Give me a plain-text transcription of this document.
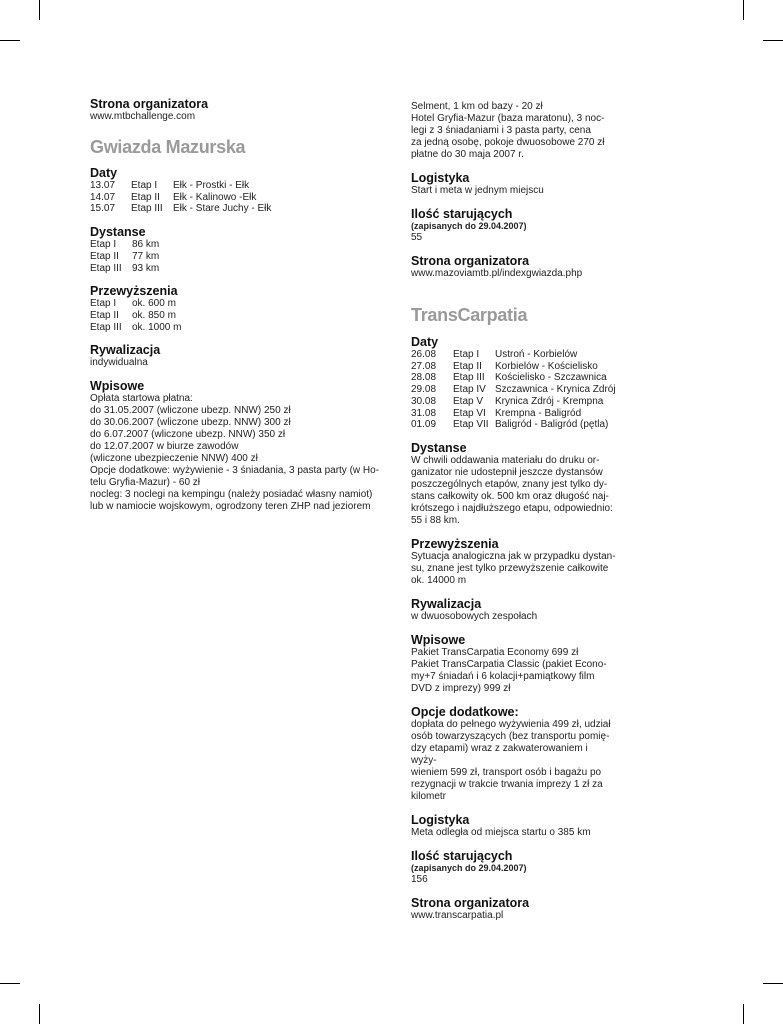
Strona organizatora

www.mtbchallenge.com

Gwiazda Mazurska

Daty

13.07	Etap I	Ełk - Prostki - Ełk
14.07	Etap II	Ełk - Kalinowo -Ełk
15.07	Etap III	Ełk - Stare Juchy - Ełk

Dystanse

Etap I	86 km
Etap II	77 km
Etap III	93 km

Przewyższenia

Etap I	ok. 600 m
Etap II	ok. 850 m
Etap III	ok. 1000 m

Rywalizacja

indywidualna

Wpisowe

Opłata startowa płatna:
do 31.05.2007 (wliczone ubezp. NNW) 250 zł
do 30.06.2007 (wliczone ubezp. NNW) 300 zł
do 6.07.2007 (wliczone ubezp. NNW) 350 zł
do 12.07.2007 w biurze zawodów
(wliczone ubezpieczenie NNW) 400 zł
Opcje dodatkowe: wyżywienie - 3 śniadania, 3 pasta party (w Ho-
telu Gryfia-Mazur) - 60 zł
nocleg: 3 noclegi na kempingu (należy posiadać własny namiot)
lub w namiocie wojskowym, ogrodzony teren ZHP nad jeziorem
Selment, 1 km od bazy - 20 zł
Hotel Gryfia-Mazur (baza maratonu), 3 noc-
legi z 3 śniadaniami i 3 pasta party, cena
za jedną osobę, pokoje dwuosobowe 270 zł
płatne do 30 maja 2007 r.

Logistyka

Start i meta w jednym miejscu

Ilość starujących

(zapisanych do 29.04.2007)
55

Strona organizatora

www.mazoviamtb.pl/indexgwiazda.php

TransCarpatia

Daty

26.08	Etap I	Ustroń - Korbielów
27.08	Etap II	Korbielów - Kościelisko
28.08	Etap III	Kościelisko - Szczawnica
29.08	Etap IV	Szczawnica - Krynica Zdrój
30.08	Etap V	Krynica Zdrój - Krempna
31.08	Etap VI	Krempna - Baligród
01.09	Etap VII	Baligród - Baligród (pętla)

Dystanse

W chwili oddawania materiału do druku or-
ganizator nie udostepnił jeszcze dystansów
poszczególnych etapów, znany jest tylko dy-
stans całkowity ok. 500 km oraz długość naj-
krótszego i najdłuższego etapu, odpowiednio:
55 i 88 km.

Przewyższenia

Sytuacja analogiczna jak w przypadku dystan-
su, znane jest tylko przewyższenie całkowite
ok. 14000 m

Rywalizacja

w dwuosobowych zespołach

Wpisowe

Pakiet TransCarpatia Economy 699 zł
Pakiet TransCarpatia Classic (pakiet Econo-
my+7 śniadań i 6 kolacji+pamiątkowy film
DVD z imprezy) 999 zł

Opcje dodatkowe:

dopłata do pełnego wyżywienia 499 zł, udział
osób towarzyszących (bez transportu pomię-
dzy etapami) wraz z zakwaterowaniem i wyży-
wieniem 599 zł, transport osób i bagażu po
rezygnacji w trakcie trwania imprezy 1 zł za
kilometr

Logistyka

Meta odległa od miejsca startu o 385 km

Ilość starujących

(zapisanych do 29.04.2007)
156

Strona organizatora

www.transcarpatia.pl
